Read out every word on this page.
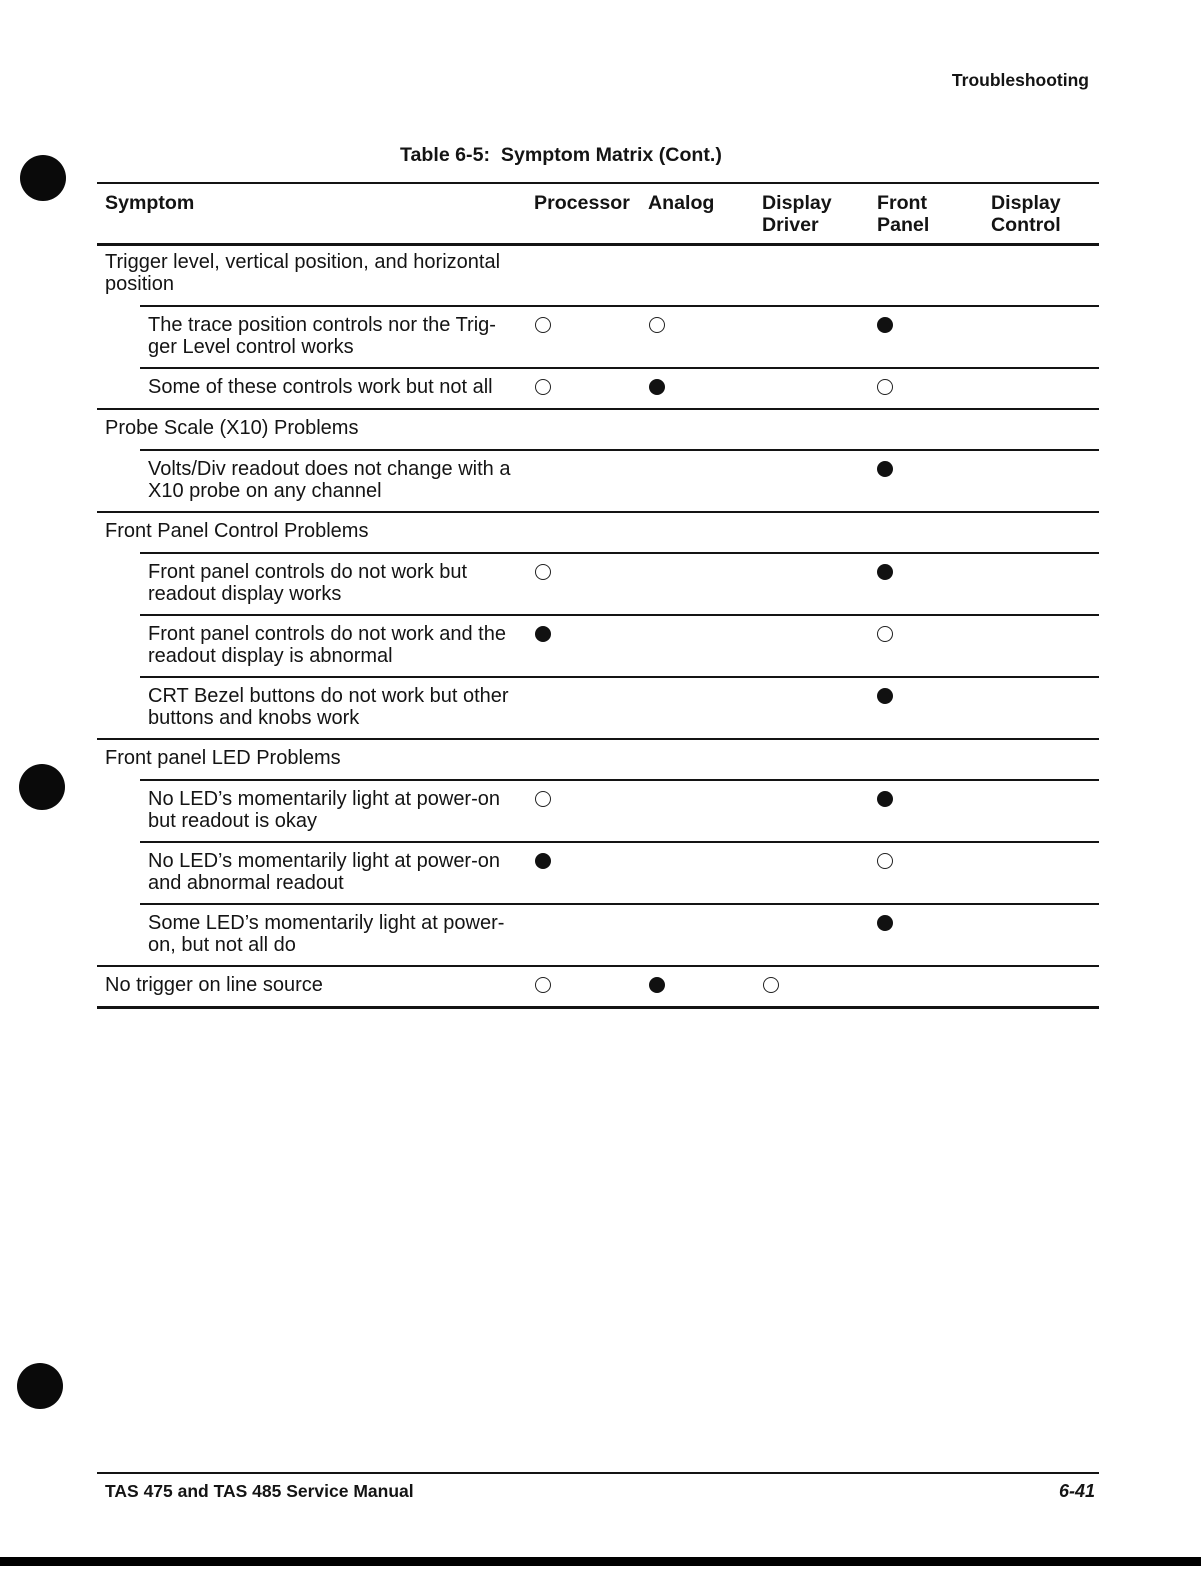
Troubleshooting
Table 6-5:  Symptom Matrix (Cont.)
Symptom	Processor Analog Display
Driver
Front
Panel
Display
Control
Trigger level, vertical position, and horizontal
position
The trace position controls nor the Trig-
ger Level control works
Some of these controls work but not all
Probe Scale (X10) Problems
Volts/Div readout does not change with a
X10 probe on any channel
Front Panel Control Problems
Front panel controls do not work but
readout display works
Front panel controls do not work and the
readout display is abnormal
CRT Bezel buttons do not work but other
buttons and knobs work
Front panel LED Problems
No LED’s momentarily light at power-on
but readout is okay
No LED’s momentarily light at power-on
and abnormal readout
Some LED’s momentarily light at power-
on, but not all do
No trigger on line source
TAS 475 and TAS 485 Service Manual	6-41
